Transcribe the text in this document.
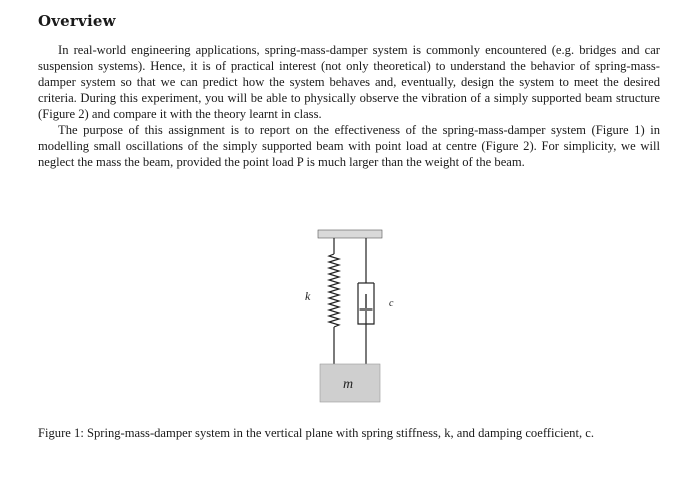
Overview

In real-world engineering applications, spring-mass-damper system is commonly encountered (e.g. bridges and car suspension systems). Hence, it is of practical interest (not only theoretical) to understand the behavior of spring-mass-damper system so that we can predict how the system behaves and, eventually, design the system to meet the desired criteria. During this experiment, you will be able to physically observe the vibration of a simply supported beam structure (Figure 2) and compare it with the theory learnt in class.

The purpose of this assignment is to report on the effectiveness of the spring-mass-damper system (Figure 1) in modelling small oscillations of the simply supported beam with point load at centre (Figure 2). For simplicity, we will neglect the mass the beam, provided the point load P is much larger than the weight of the beam.

k
c
m
Figure 1: Spring-mass-damper system in the vertical plane with spring stiffness, k, and damping coefficient, c.
